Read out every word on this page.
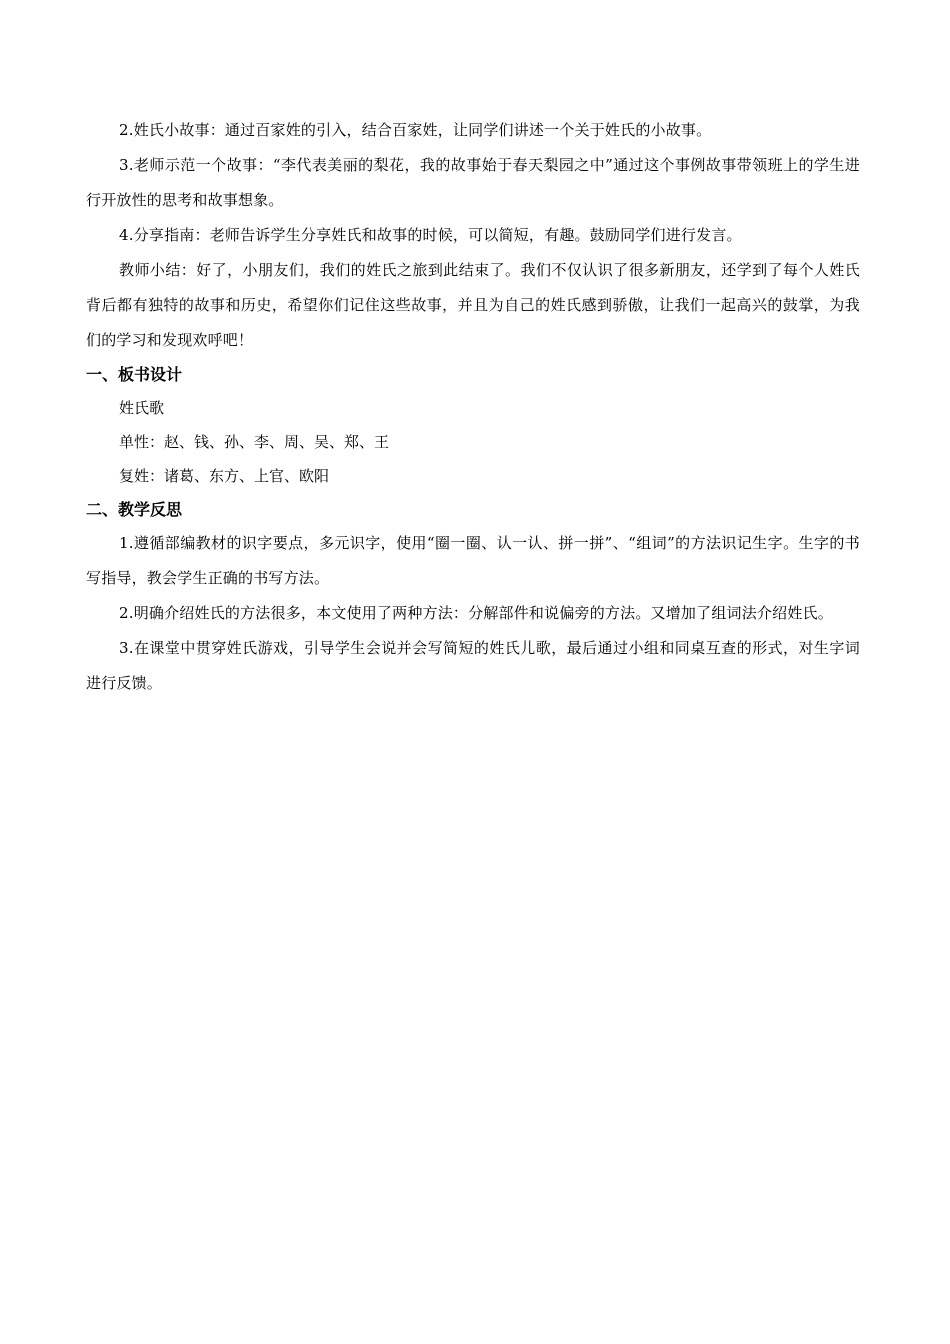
2.姓氏小故事：通过百家姓的引入，结合百家姓，让同学们讲述一个关于姓氏的小故事。

3.老师示范一个故事：“李代表美丽的梨花，我的故事始于春天梨园之中”通过这个事例故事带领班上的学生进行开放性的思考和故事想象。

4.分享指南：老师告诉学生分享姓氏和故事的时候，可以简短，有趣。鼓励同学们进行发言。

教师小结：好了，小朋友们，我们的姓氏之旅到此结束了。我们不仅认识了很多新朋友，还学到了每个人姓氏背后都有独特的故事和历史，希望你们记住这些故事，并且为自己的姓氏感到骄傲，让我们一起高兴的鼓掌，为我们的学习和发现欢呼吧！

一、板书设计

姓氏歌

单性：赵、钱、孙、李、周、吴、郑、王

复姓：诸葛、东方、上官、欧阳

二、教学反思

1.遵循部编教材的识字要点，多元识字，使用“圈一圈、认一认、拼一拼”、“组词”的方法识记生字。生字的书写指导，教会学生正确的书写方法。

2.明确介绍姓氏的方法很多，本文使用了两种方法：分解部件和说偏旁的方法。又增加了组词法介绍姓氏。

3.在课堂中贯穿姓氏游戏，引导学生会说并会写简短的姓氏儿歌，最后通过小组和同桌互查的形式，对生字词进行反馈。
